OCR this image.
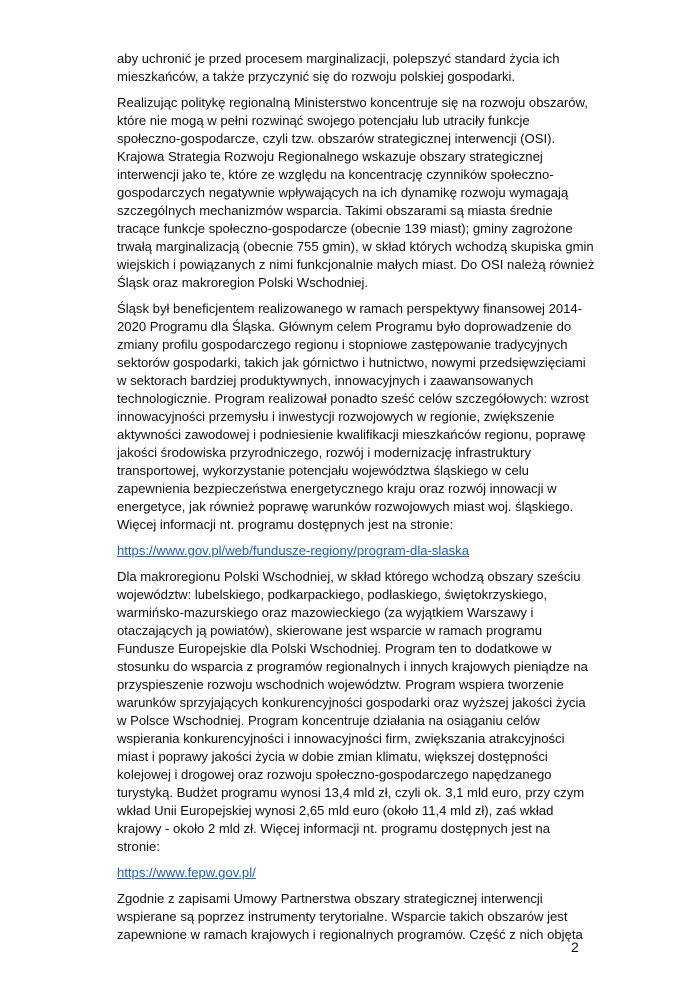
aby uchronić je przed procesem marginalizacji, polepszyć standard życia ich mieszkańców, a także przyczynić się do rozwoju polskiej gospodarki.

Realizując politykę regionalną Ministerstwo koncentruje się na rozwoju obszarów, które nie mogą w pełni rozwinąć swojego potencjału lub utraciły funkcje społeczno-gospodarcze, czyli tzw. obszarów strategicznej interwencji (OSI). Krajowa Strategia Rozwoju Regionalnego wskazuje obszary strategicznej interwencji jako te, które ze względu na koncentrację czynników społeczno-gospodarczych negatywnie wpływających na ich dynamikę rozwoju wymagają szczególnych mechanizmów wsparcia. Takimi obszarami są miasta średnie tracące funkcje społeczno-gospodarcze (obecnie 139 miast); gminy zagrożone trwałą marginalizacją (obecnie 755 gmin), w skład których wchodzą skupiska gmin wiejskich i powiązanych z nimi funkcjonalnie małych miast. Do OSI należą również Śląsk oraz makroregion Polski Wschodniej.

Śląsk był beneficjentem realizowanego w ramach perspektywy finansowej 2014-2020 Programu dla Śląska. Głównym celem Programu było doprowadzenie do zmiany profilu gospodarczego regionu i stopniowe zastępowanie tradycyjnych sektorów gospodarki, takich jak górnictwo i hutnictwo, nowymi przedsięwzięciami w sektorach bardziej produktywnych, innowacyjnych i zaawansowanych technologicznie. Program realizował ponadto sześć celów szczegółowych: wzrost innowacyjności przemysłu i inwestycji rozwojowych w regionie, zwiększenie aktywności zawodowej i podniesienie kwalifikacji mieszkańców regionu, poprawę jakości środowiska przyrodniczego, rozwój i modernizację infrastruktury transportowej, wykorzystanie potencjału województwa śląskiego w celu zapewnienia bezpieczeństwa energetycznego kraju oraz rozwój innowacji w energetyce, jak również poprawę warunków rozwojowych miast woj. śląskiego. Więcej informacji nt. programu dostępnych jest na stronie:

https://www.gov.pl/web/fundusze-regiony/program-dla-slaska

Dla makroregionu Polski Wschodniej, w skład którego wchodzą obszary sześciu województw: lubelskiego, podkarpackiego, podlaskiego, świętokrzyskiego, warmińsko-mazurskiego oraz mazowieckiego (za wyjątkiem Warszawy i otaczających ją powiatów), skierowane jest wsparcie w ramach programu Fundusze Europejskie dla Polski Wschodniej. Program ten to dodatkowe w stosunku do wsparcia z programów regionalnych i innych krajowych pieniądze na przyspieszenie rozwoju wschodnich województw. Program wspiera tworzenie warunków sprzyjających konkurencyjności gospodarki oraz wyższej jakości życia w Polsce Wschodniej. Program koncentruje działania na osiąganiu celów wspierania konkurencyjności i innowacyjności firm, zwiększania atrakcyjności miast i poprawy jakości życia w dobie zmian klimatu, większej dostępności kolejowej i drogowej oraz rozwoju społeczno-gospodarczego napędzanego turystyką. Budżet programu wynosi 13,4 mld zł, czyli ok. 3,1 mld euro, przy czym wkład Unii Europejskiej wynosi 2,65 mld euro (około 11,4 mld zł), zaś wkład krajowy - około 2 mld zł. Więcej informacji nt. programu dostępnych jest na stronie:

https://www.fepw.gov.pl/

Zgodnie z zapisami Umowy Partnerstwa obszary strategicznej interwencji wspierane są poprzez instrumenty terytorialne. Wsparcie takich obszarów jest zapewnione w ramach krajowych i regionalnych programów. Część z nich objęta

2
